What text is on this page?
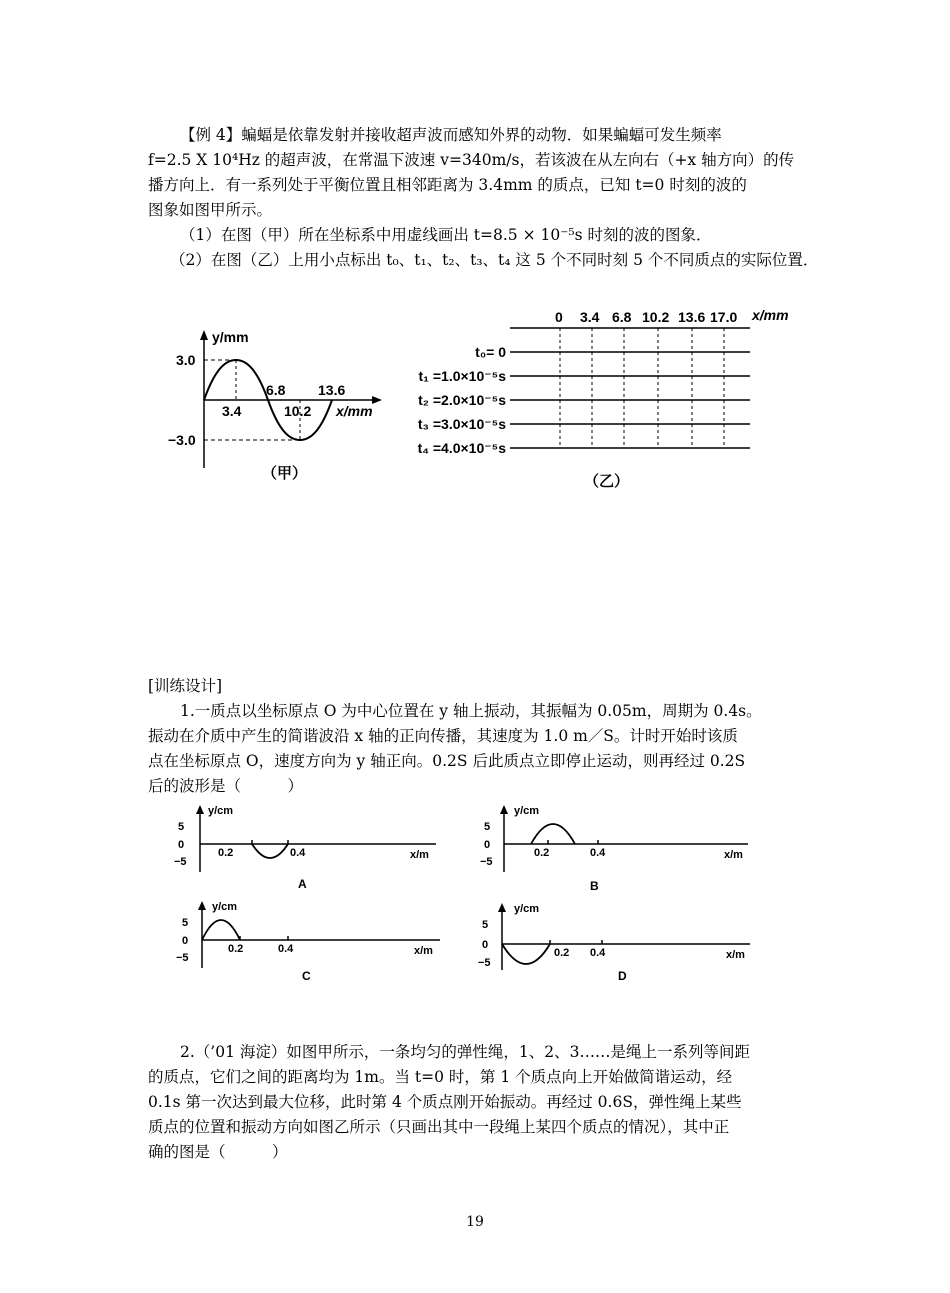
【例 4】蝙蝠是依靠发射并接收超声波而感知外界的动物．如果蝙蝠可发生频率
f=2.5 X 10⁴Hz 的超声波，在常温下波速 v=340m/s，若该波在从左向右（+x 轴方向）的传
播方向上．有一系列处于平衡位置且相邻距离为 3.4mm 的质点，已知 t=0 时刻的波的
图象如图甲所示。
（1）在图（甲）所在坐标系中用虚线画出 t=8.5 × 10⁻⁵s 时刻的波的图象．
（2）在图（乙）上用小点标出 t₀、t₁、t₂、t₃、t₄ 这 5 个不同时刻 5 个不同质点的实际位置．
y/mm
3.0
−3.0
3.4
6.8
10.2
13.6
x/mm
（甲）
0 3.4 6.8 10.2 13.6 17.0 x/mm
t₀= 0
t₁ =1.0×10⁻⁵s
t₂ =2.0×10⁻⁵s
t₃ =3.0×10⁻⁵s
t₄ =4.0×10⁻⁵s
（乙）
[训练设计]
1.一质点以坐标原点 O 为中心位置在 y 轴上振动，其振幅为 0.05m，周期为 0.4s。
振动在介质中产生的简谐波沿 x 轴的正向传播，其速度为 1.0 m／S。计时开始时该质
点在坐标原点 O，速度方向为 y 轴正向。0.2S 后此质点立即停止运动，则再经过 0.2S
后的波形是（　　　）
y/cm
5
0
−5
0.2	0.4	x/m
A
y/cm
5
0
−5
0.2	0.4	x/m
B
y/cm
5
0
−5
0.2	0.4	x/m
C
y/cm
5
0
−5
0.2 0.4	x/m
D
2.（’01 海淀）如图甲所示，一条均匀的弹性绳，1、2、3……是绳上一系列等间距
的质点，它们之间的距离均为 1m。当 t=0 时，第 1 个质点向上开始做简谐运动，经
0.1s 第一次达到最大位移，此时第 4 个质点刚开始振动。再经过 0.6S，弹性绳上某些
质点的位置和振动方向如图乙所示（只画出其中一段绳上某四个质点的情况），其中正
确的图是（　　　）
19
